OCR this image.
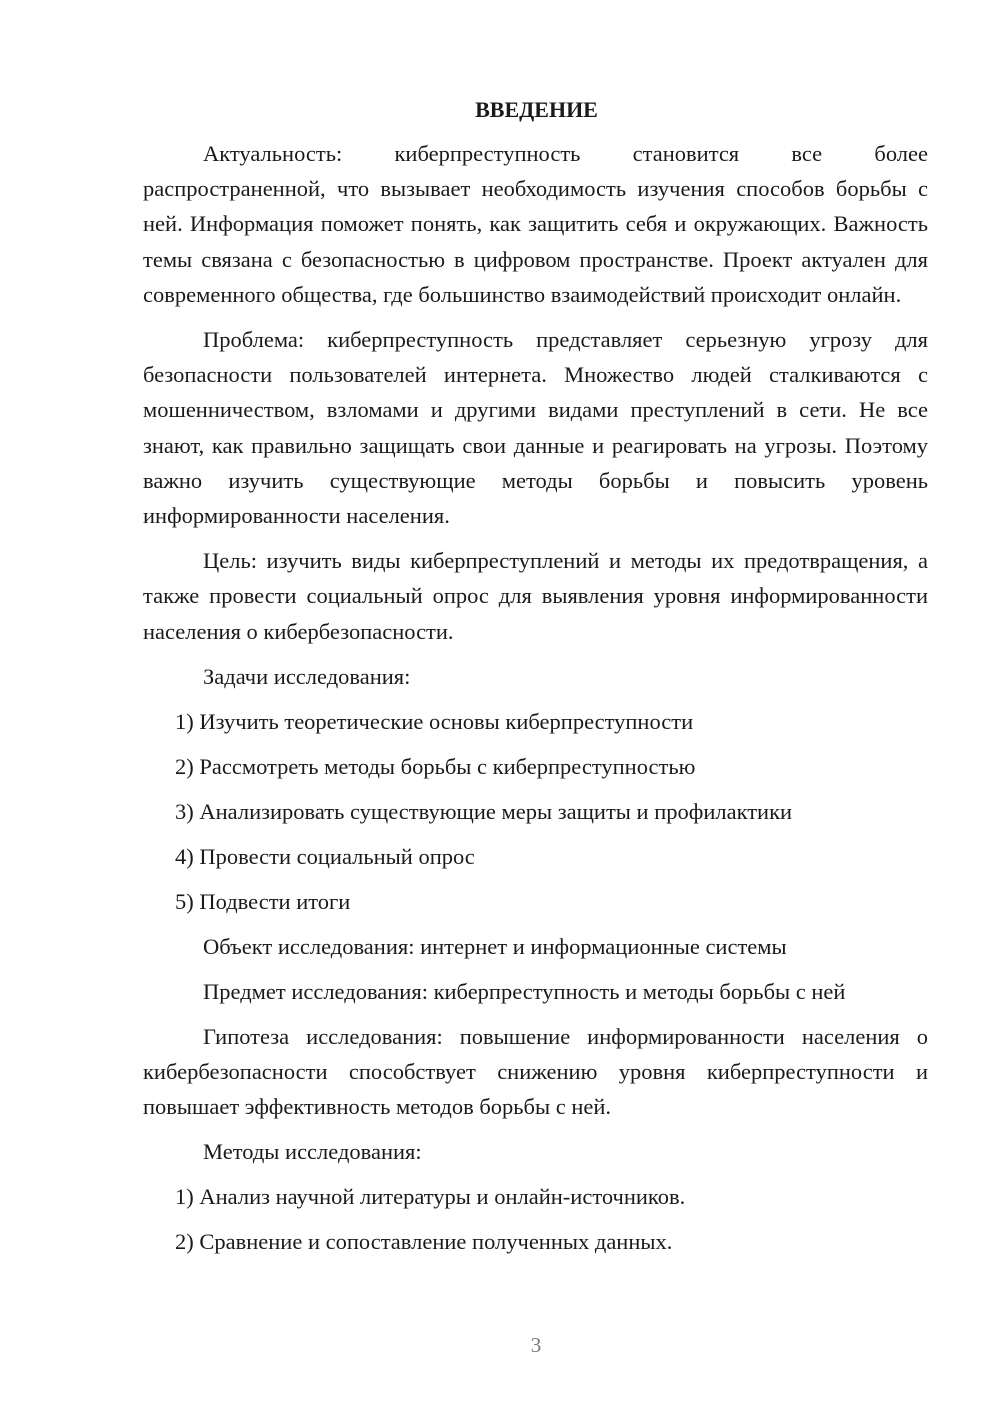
ВВЕДЕНИЕ

Актуальность: киберпреступность становится все более распространенной, что вызывает необходимость изучения способов борьбы с ней. Информация поможет понять, как защитить себя и окружающих. Важность темы связана с безопасностью в цифровом пространстве. Проект актуален для современного общества, где большинство взаимодействий происходит онлайн.

Проблема: киберпреступность представляет серьезную угрозу для безопасности пользователей интернета. Множество людей сталкиваются с мошенничеством, взломами и другими видами преступлений в сети. Не все знают, как правильно защищать свои данные и реагировать на угрозы. Поэтому важно изучить существующие методы борьбы и повысить уровень информированности населения.

Цель: изучить виды киберпреступлений и методы их предотвращения, а также провести социальный опрос для выявления уровня информированности населения о кибербезопасности.

Задачи исследования:
1) Изучить теоретические основы киберпреступности
2) Рассмотреть методы борьбы с киберпреступностью
3) Анализировать существующие меры защиты и профилактики
4) Провести социальный опрос
5) Подвести итоги
Объект исследования: интернет и информационные системы
Предмет исследования: киберпреступность и методы борьбы с ней

Гипотеза исследования: повышение информированности населения о кибербезопасности способствует снижению уровня киберпреступности и повышает эффективность методов борьбы с ней.

Методы исследования:
1) Анализ научной литературы и онлайн-источников.
2) Сравнение и сопоставление полученных данных.
3
